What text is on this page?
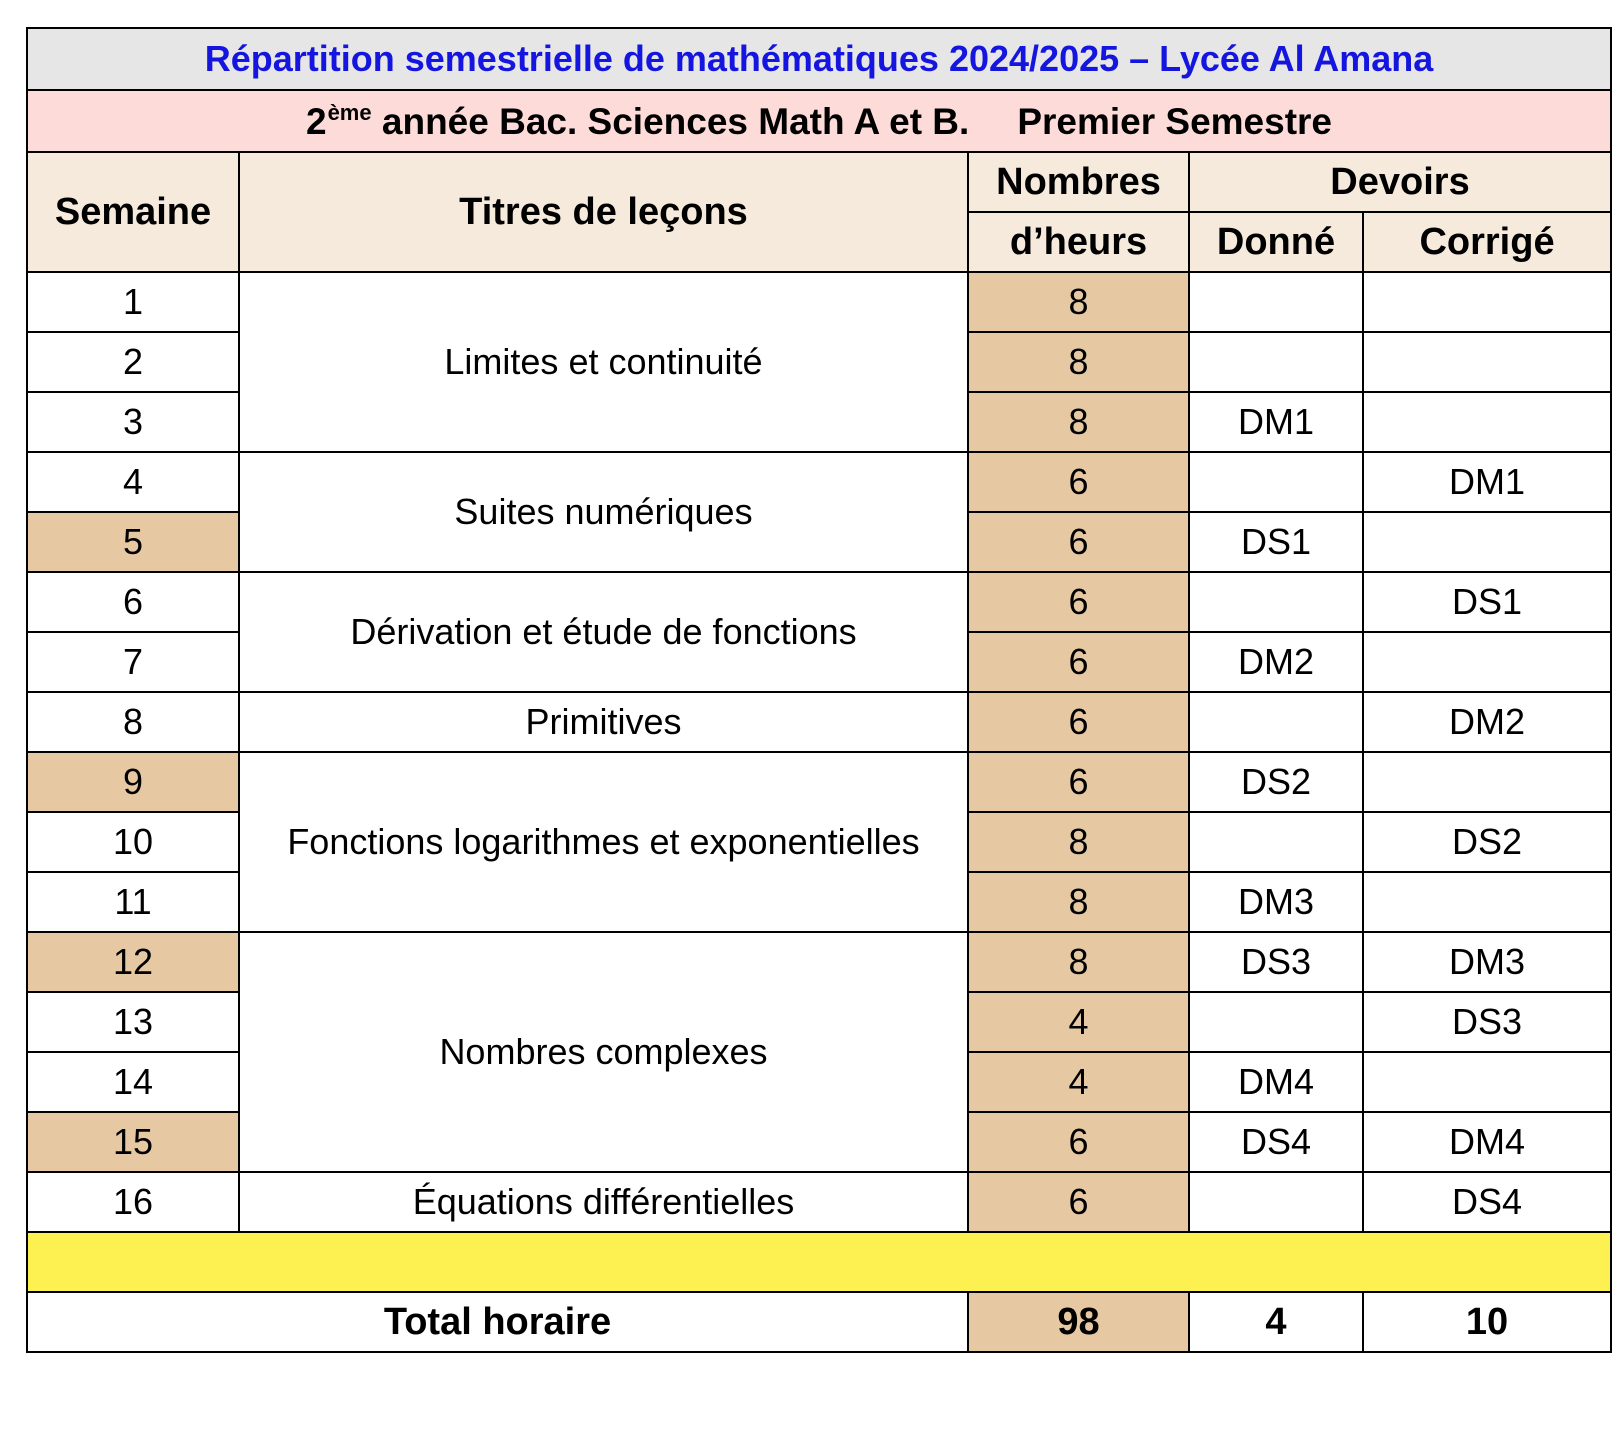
Répartition semestrielle de mathématiques 2024/2025 – Lycée Al Amana				
2ème année Bac. Sciences Math A et B. Premier Semestre				
Semaine	Titres de leçons	Nombres	Devoirs	
		d’heurs	Donné	Corrigé
1	Limites et continuité	8		
2		8		
3		8	DM1	
4	Suites numériques	6		DM1
5		6	DS1	
6	Dérivation et étude de fonctions	6		DS1
7		6	DM2	
8	Primitives	6		DM2
9	Fonctions logarithmes et exponentielles	6	DS2	
10		8		DS2
11		8	DM3	
12	Nombres complexes	8	DS3	DM3
13		4		DS3
14		4	DM4	
15		6	DS4	DM4
16	Équations différentielles	6		DS4

Total horaire		98	4	10
